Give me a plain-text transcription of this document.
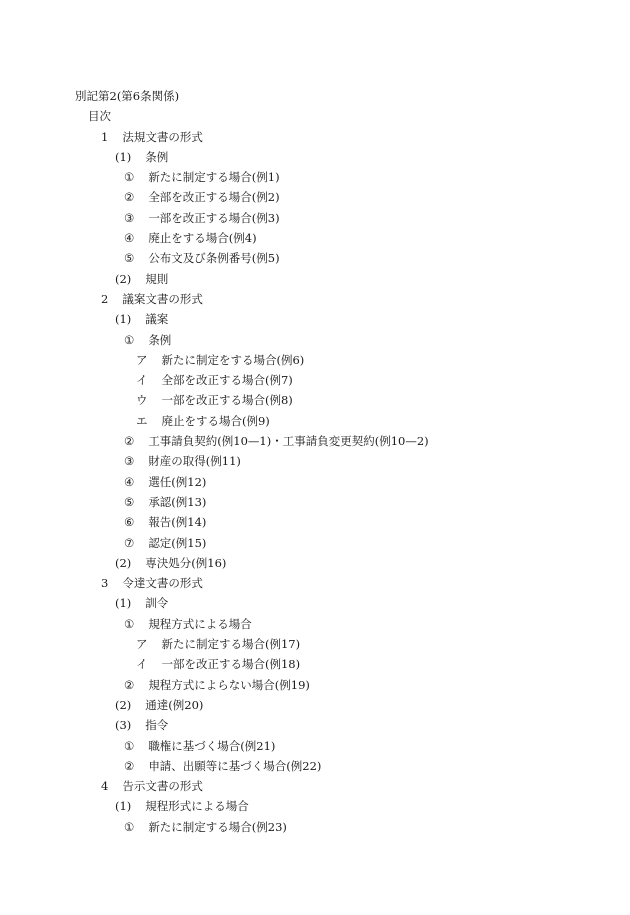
別記第2(第6条関係)
目次
1 法規文書の形式
(1) 条例
① 新たに制定する場合(例1)
② 全部を改正する場合(例2)
③ 一部を改正する場合(例3)
④ 廃止をする場合(例4)
⑤ 公布文及び条例番号(例5)
(2) 規則
2 議案文書の形式
(1) 議案
① 条例
ア 新たに制定をする場合(例6)
イ 全部を改正する場合(例7)
ウ 一部を改正する場合(例8)
エ 廃止をする場合(例9)
② 工事請負契約(例10—1)・工事請負変更契約(例10—2)
③ 財産の取得(例11)
④ 選任(例12)
⑤ 承認(例13)
⑥ 報告(例14)
⑦ 認定(例15)
(2) 専決処分(例16)
3 令達文書の形式
(1) 訓令
① 規程方式による場合
ア 新たに制定する場合(例17)
イ 一部を改正する場合(例18)
② 規程方式によらない場合(例19)
(2) 通達(例20)
(3) 指令
① 職権に基づく場合(例21)
② 申請、出願等に基づく場合(例22)
4 告示文書の形式
(1) 規程形式による場合
① 新たに制定する場合(例23)
